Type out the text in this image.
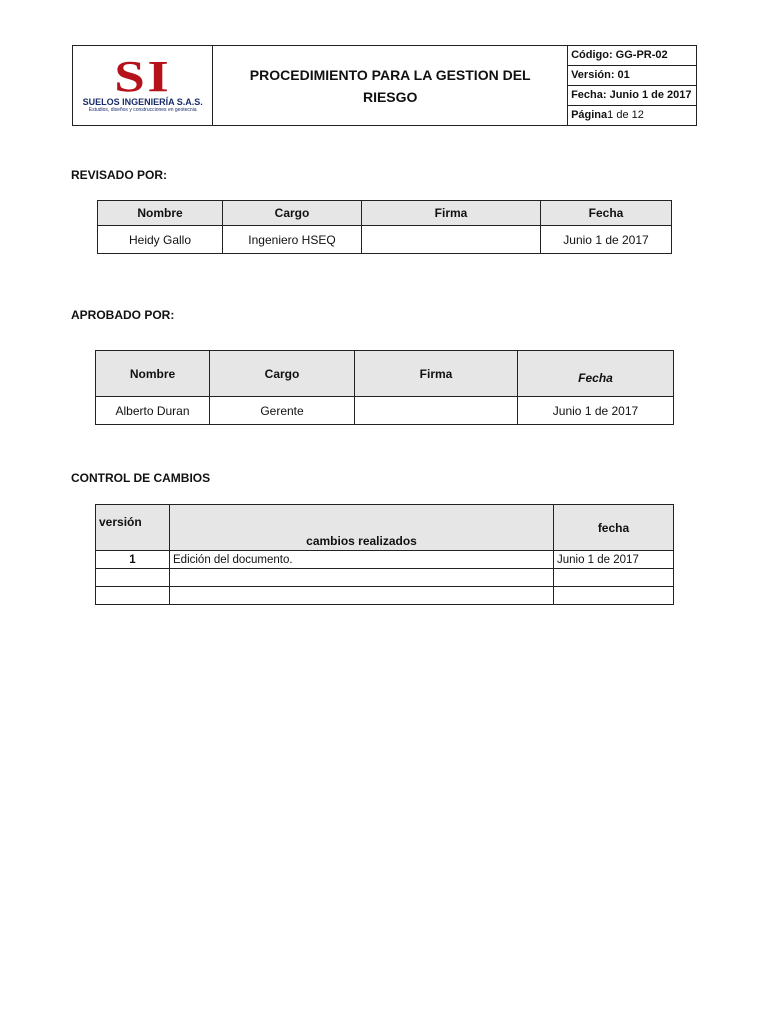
SI
SUELOS INGENIERÍA S.A.S.
Estudios, diseños y construcciones en geotecnia
	PROCEDIMIENTO PARA LA GESTION DEL RIESGO	Código: GG-PR-02
Versión: 01
Fecha: Junio 1 de 2017
Página1 de 12
REVISADO POR:
Nombre	Cargo	Firma	Fecha
Heidy Gallo	Ingeniero HSEQ		Junio 1 de 2017
APROBADO POR:
Nombre	Cargo	Firma	Fecha
Alberto Duran	Gerente		Junio 1 de 2017
CONTROL DE CAMBIOS
versión	cambios realizados	fecha
1	Edición del documento.	Junio 1 de 2017
